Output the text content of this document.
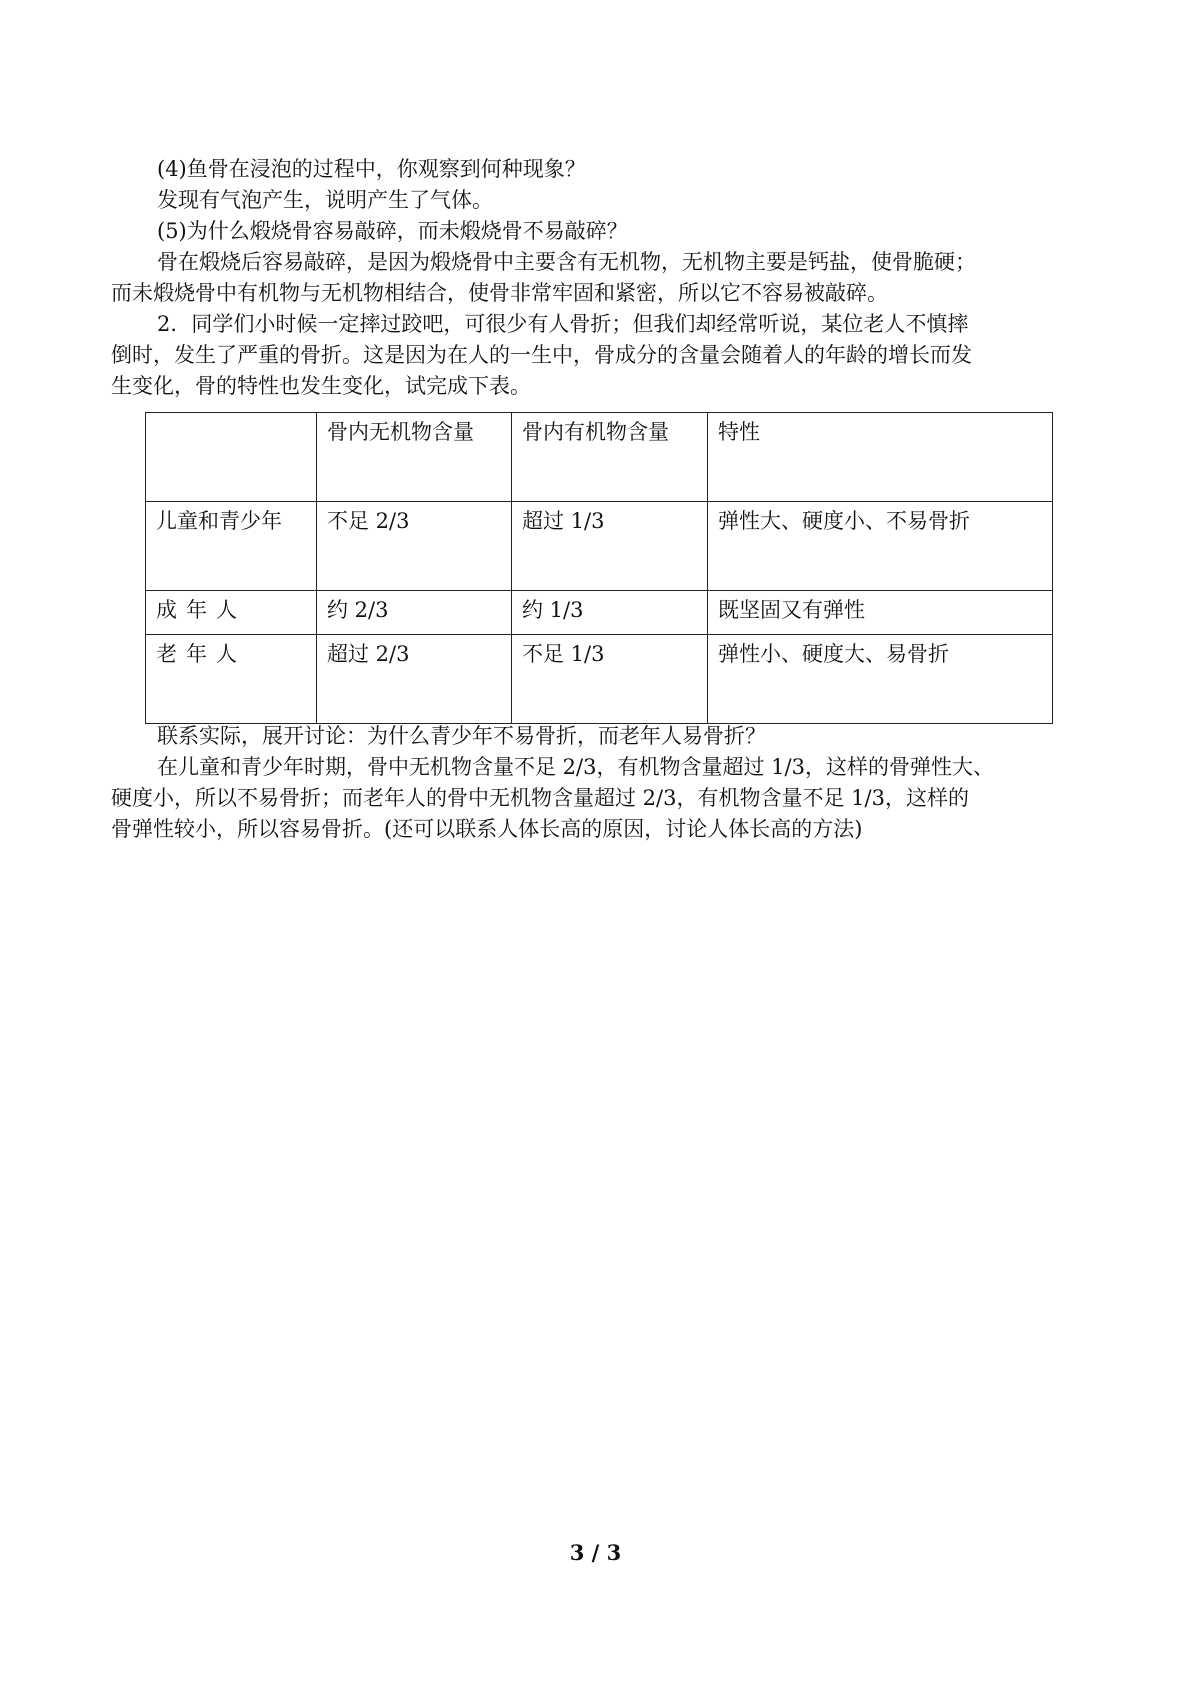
(4)鱼骨在浸泡的过程中，你观察到何种现象？

发现有气泡产生，说明产生了气体。

(5)为什么煅烧骨容易敲碎，而未煅烧骨不易敲碎？

骨在煅烧后容易敲碎，是因为煅烧骨中主要含有无机物，无机物主要是钙盐，使骨脆硬；

而未煅烧骨中有机物与无机物相结合，使骨非常牢固和紧密，所以它不容易被敲碎。

2．同学们小时候一定摔过跤吧，可很少有人骨折；但我们却经常听说，某位老人不慎摔

倒时，发生了严重的骨折。这是因为在人的一生中，骨成分的含量会随着人的年龄的增长而发

生变化，骨的特性也发生变化，试完成下表。

	骨内无机物含量	骨内有机物含量	特性
儿童和青少年	不足 2/3	超过 1/3	弹性大、硬度小、不易骨折
成年人	约 2/3	约 1/3	既坚固又有弹性
老年人	超过 2/3	不足 1/3	弹性小、硬度大、易骨折

联系实际，展开讨论：为什么青少年不易骨折，而老年人易骨折？

在儿童和青少年时期，骨中无机物含量不足 2/3，有机物含量超过 1/3，这样的骨弹性大、

硬度小，所以不易骨折；而老年人的骨中无机物含量超过 2/3，有机物含量不足 1/3，这样的

骨弹性较小，所以容易骨折。(还可以联系人体长高的原因，讨论人体长高的方法)

3 / 3
